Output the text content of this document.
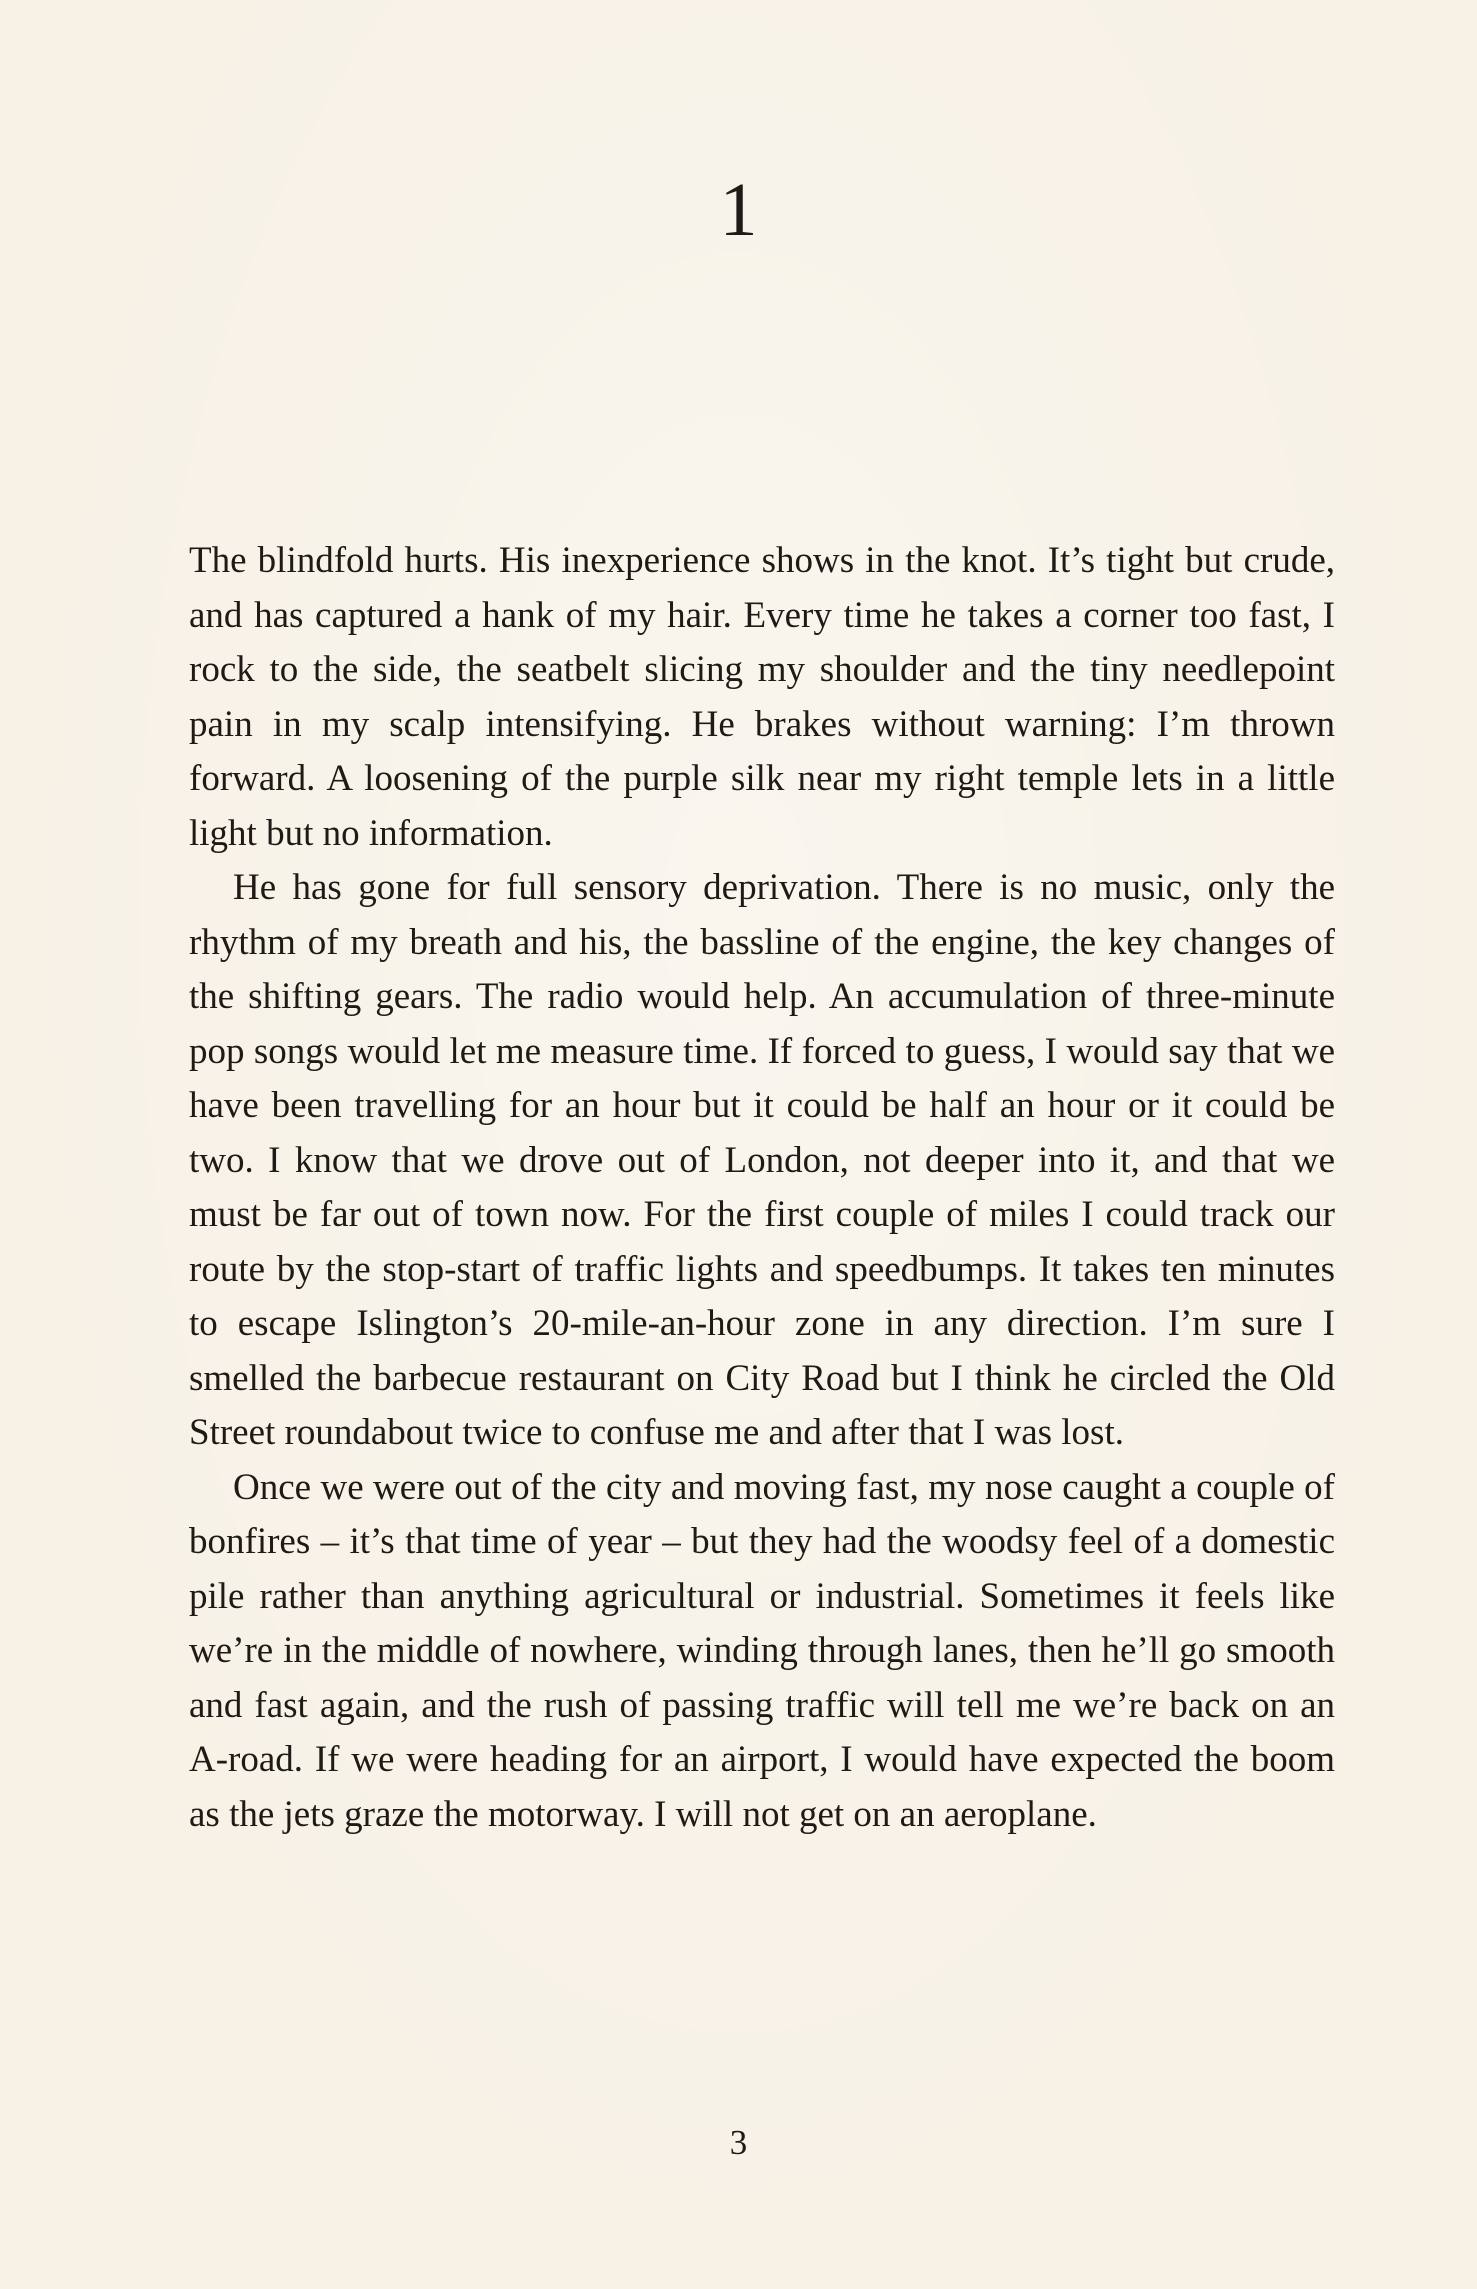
1

The blindfold hurts. His inexperience shows in the knot. It’s tight but crude, and has captured a hank of my hair. Every time he takes a corner too fast, I rock to the side, the seatbelt slicing my shoulder and the tiny needlepoint pain in my scalp intensifying. He brakes without warning: I’m thrown forward. A loosening of the purple silk near my right temple lets in a little light but no information.

He has gone for full sensory deprivation. There is no music, only the rhythm of my breath and his, the bassline of the engine, the key changes of the shifting gears. The radio would help. An accumulation of three-minute pop songs would let me measure time. If forced to guess, I would say that we have been travelling for an hour but it could be half an hour or it could be two. I know that we drove out of London, not deeper into it, and that we must be far out of town now. For the first couple of miles I could track our route by the stop-start of traffic lights and speedbumps. It takes ten minutes to escape Islington’s 20-mile-an-hour zone in any direction. I’m sure I smelled the barbecue restaurant on City Road but I think he circled the Old Street roundabout twice to confuse me and after that I was lost.

Once we were out of the city and moving fast, my nose caught a couple of bonfires – it’s that time of year – but they had the woodsy feel of a domestic pile rather than anything agricultural or industrial. Sometimes it feels like we’re in the middle of nowhere, winding through lanes, then he’ll go smooth and fast again, and the rush of passing traffic will tell me we’re back on an A-road. If we were heading for an airport, I would have expected the boom as the jets graze the motorway. I will not get on an aeroplane.

3
